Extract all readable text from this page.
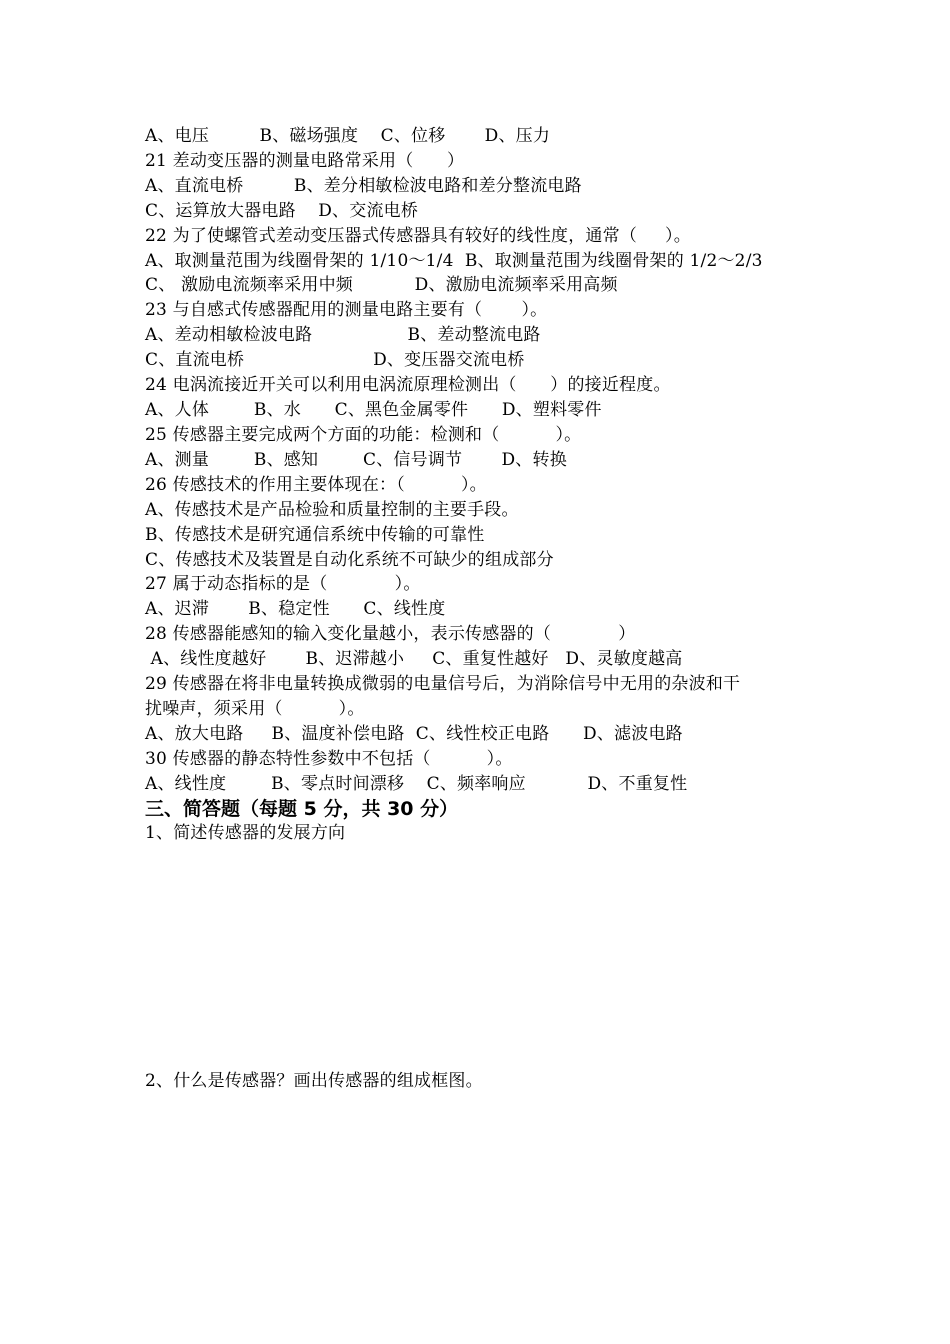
A、电压         B、磁场强度    C、位移       D、压力
21 差动变压器的测量电路常采用（      ）
A、直流电桥         B、差分相敏检波电路和差分整流电路
C、运算放大器电路    D、交流电桥
22 为了使螺管式差动变压器式传感器具有较好的线性度，通常（     ）。
A、取测量范围为线圈骨架的 1/10～1/4  B、取测量范围为线圈骨架的 1/2～2/3
C、 激励电流频率采用中频           D、激励电流频率采用高频
23 与自感式传感器配用的测量电路主要有（       ）。
A、差动相敏检波电路                 B、差动整流电路
C、直流电桥                       D、变压器交流电桥
24 电涡流接近开关可以利用电涡流原理检测出（      ）的接近程度。
A、人体        B、水      C、黑色金属零件      D、塑料零件
25 传感器主要完成两个方面的功能：检测和（          ）。
A、测量        B、感知        C、信号调节       D、转换
26 传感技术的作用主要体现在：（          ）。
A、传感技术是产品检验和质量控制的主要手段。
B、传感技术是研究通信系统中传输的可靠性
C、传感技术及装置是自动化系统不可缺少的组成部分
27 属于动态指标的是（            ）。
A、迟滞       B、稳定性      C、线性度
28 传感器能感知的输入变化量越小，表示传感器的（            ）
A、线性度越好       B、迟滞越小     C、重复性越好   D、灵敏度越高
29 传感器在将非电量转换成微弱的电量信号后，为消除信号中无用的杂波和干
扰噪声，须采用（          ）。
A、放大电路     B、温度补偿电路  C、线性校正电路      D、滤波电路
30 传感器的静态特性参数中不包括（          ）。
A、线性度        B、零点时间漂移    C、频率响应           D、不重复性
三、简答题（每题 5 分，共 30 分）
1、简述传感器的发展方向
2、什么是传感器？画出传感器的组成框图。
